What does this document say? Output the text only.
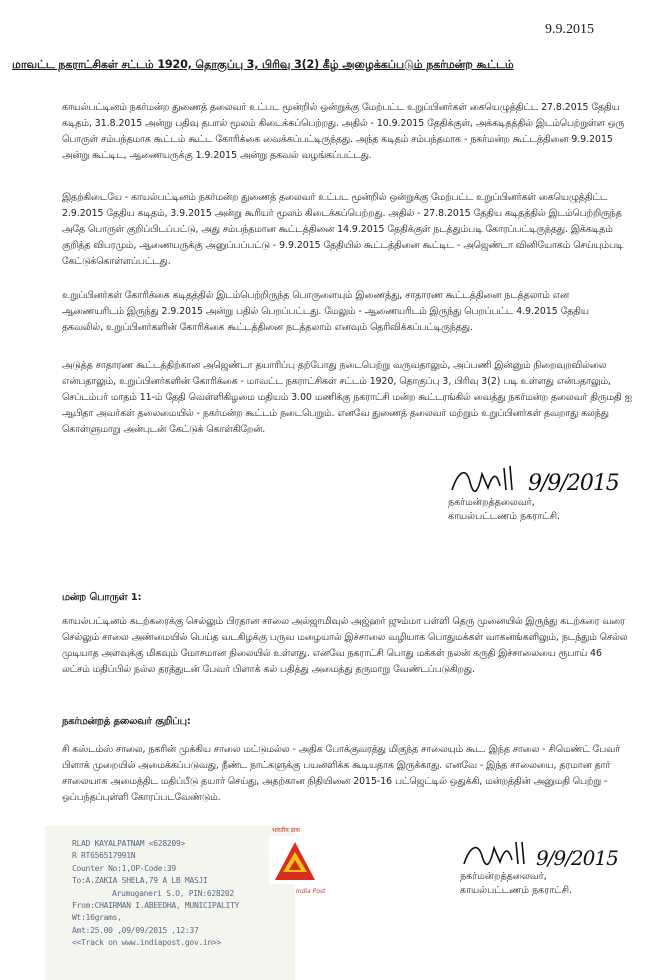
9.9.2015
மாவட்ட நகராட்சிகள் சட்டம் 1920, தொகுப்பு 3, பிரிவு 3(2) கீழ் அழைக்கப்படும் நகர்மன்ற கூட்டம்
காயல்பட்டினம் நகர்மன்ற துணைத் தலைவர் உட்பட மூன்றில் ஒன்றுக்கு மேற்பட்ட உறுப்பினர்கள் கையெழுத்திட்ட 27.8.2015 தேதிய கடிதம், 31.8.2015 அன்று பதிவு தபால் மூலம் கிடைக்கப்பெற்றது. அதில் - 10.9.2015 தேதிக்குள், அக்கடிதத்தில் இடம்பெற்றுள்ள ஒரு பொருள் சம்பந்தமாக கூட்டம் கூட்ட கோரிக்கை வைக்கப்பட்டிருந்தது. அந்த கடிதம் சம்பந்தமாக - நகர்மன்ற கூட்டத்தினை 9.9.2015 அன்று கூட்டிட, ஆணையருக்கு 1.9.2015 அன்று தகவல் வழங்கப்பட்டது.
இதற்கிடையே - காயல்பட்டினம் நகர்மன்ற துணைத் தலைவர் உட்பட மூன்றில் ஒன்றுக்கு மேற்பட்ட உறுப்பினர்கள் கையெழுத்திட்ட 2.9.2015 தேதிய கடிதம், 3.9.2015 அன்று கூரியர் மூலம் கிடைக்கப்பெற்றது. அதில் - 27.8.2015 தேதிய கடிதத்தில் இடம்பெற்றிருந்த அதே பொருள் குறிப்பிடப்பட்டு, அது சம்பந்தமான கூட்டத்தினை 14.9.2015 தேதிக்குள் நடத்தும்படி கோரப்பட்டிருந்தது. இக்கடிதம் குறித்த விபரமும், ஆணையருக்கு அனுப்பப்பட்டு - 9.9.2015 தேதியில் கூட்டத்தினை கூட்டிட - அஜெண்டா வினியோகம் செய்யும்படி கேட்டுக்கொள்ளப்பட்டது.
உறுப்பினர்கள் கோரிக்கை கடிதத்தில் இடம்பெற்றிருந்த பொருளையும் இணைத்து, சாதாரண கூட்டத்தினை நடத்தலாம் என ஆணையரிடம் இருந்து 2.9.2015 அன்று பதில் பெறப்பட்டது. மேலும் - ஆணையரிடம் இருந்து பெறப்பட்ட 4.9.2015 தேதிய தகவலில், உறுப்பினர்களின் கோரிக்கை கூட்டத்தினை நடத்தலாம் எனவும் தெரிவிக்கப்பட்டிருந்தது.
அடுத்த சாதாரண கூட்டத்திற்கான அஜெண்டா தயாரிப்பு தற்போது நடைபெற்று வருவதாலும், அப்பணி இன்னும் நிறைவுறவில்லை என்பதாலும், உறுப்பினர்களின் கோரிக்கை - மாவட்ட நகராட்சிகள் சட்டம் 1920, தொகுப்பு 3, பிரிவு 3(2) படி உள்ளது என்பதாலும், செப்டம்பர் மாதம் 11-ம் தேதி வெள்ளிகிழமை மதியம் 3.00 மணிக்கு நகராட்சி மன்ற கூட்டரங்கில் வைத்து நகர்மன்ற தலைவர் திருமதி ஐ ஆபிதா அவர்கள் தலைமையில் - நகர்மன்ற கூட்டம் நடைபெறும். எனவே துணைத் தலைவர் மற்றும் உறுப்பினர்கள் தவறாது கலந்து கொள்ளுமாறு அன்புடன் கேட்டுக் கொள்கிறேன்.
9/9/2015
நகர்மன்றத்தலைவர்,
காயல்பட்டணம் நகராட்சி.
மன்ற பொருள் 1:
காயல்பட்டினம் கடற்கரைக்கு செல்லும் பிரதான சாலை அல்ஜாமிவுல் அஜ்ஹர் ஜும்மா பள்ளி தெரு முனையில் இருந்து கடற்கரை வரை செல்லும் சாலை அண்மையில் பெய்த வடகிழக்கு பருவ மழையால் இச்சாலை வழியாக பொதுமக்கள் வாகனங்களிலும், நடந்தும் செல்ல முடியாத அளவுக்கு மிகவும் மோசமான நிலையில் உள்ளது. எனவே நகராட்சி பொது மக்கள் நலன் கருதி இச்சாலையை ரூபாய் 46 லட்சம் மதிப்பில் நல்ல தரத்துடன் பேவர் பிளாக் கல் பதித்து அமைத்து தருமாறு வேண்டப்படுகிறது.
நகர்மன்றத் தலைவர் குறிப்பு:
சி கஸ்டம்ஸ் சாலை, நகரின் முக்கிய சாலை மட்டுமல்ல - அதிக போக்குவரத்து மிகுந்த சாலையும் கூட. இந்த சாலை - சிமெண்ட் பேவர் பிளாக் முறையில் அமைக்கப்படுவது, நீண்ட நாட்களுக்கு பயனளிக்க கூடியதாக இருக்காது. எனவே - இந்த சாலையை, தரமான தார் சாலையாக அமைத்திட மதிப்பீடு தயார் செய்து, அதற்கான நிதியினை 2015-16 பட்ஜெட்டில் ஒதுக்கி, மன்றத்தின் அனுமதி பெற்று - ஒப்பந்தப்புள்ளி கோரப்படவேண்டும்.
RLAD KAYALPATNAM <628209>
R RT656517991N
Counter No:1,OP-Code:39
To:A.ZAKIA SHELA,79 A LB MASJI
Arumuganeri S.O, PIN:628202
From:CHAIRMAN I.ABEEDHA, MUNICIPALITY
Wt:16grams,
Amt:25.00 ,09/09/2015 ,12:37
<<Track on www.indiapost.gov.in>>
भारतीय डाक
India Post
9/9/2015
நகர்மன்றத்தலைவர்,
காயல்பட்டணம் நகராட்சி.
